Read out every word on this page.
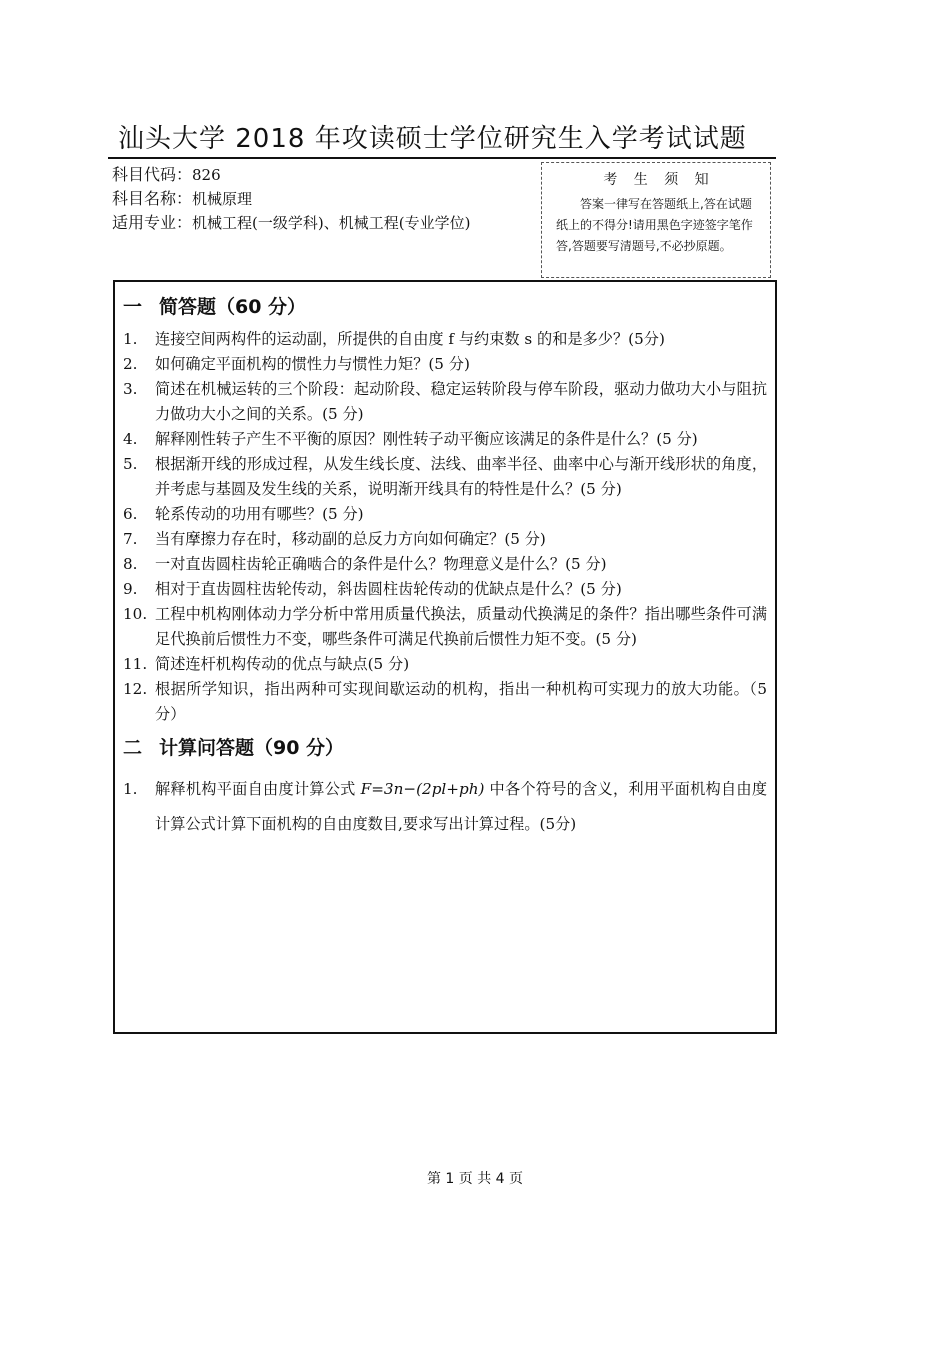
汕头大学 2018 年攻读硕士学位研究生入学考试试题
科目代码：826
科目名称：机械原理
适用专业：机械工程(一级学科)、机械工程(专业学位)
考 生 须 知

答案一律写在答题纸上,答在试题纸上的不得分!请用黑色字迹签字笔作答,答题要写清题号,不必抄原题。

一 简答题（60 分）
1. 连接空间两构件的运动副，所提供的自由度 f 与约束数 s 的和是多少？(5分)
2. 如何确定平面机构的惯性力与惯性力矩？(5 分)
3. 简述在机械运转的三个阶段：起动阶段、稳定运转阶段与停车阶段，驱动力做功大小与阻抗力做功大小之间的关系。(5 分)
4. 解释刚性转子产生不平衡的原因？刚性转子动平衡应该满足的条件是什么？(5 分)
5. 根据渐开线的形成过程，从发生线长度、法线、曲率半径、曲率中心与渐开线形状的角度，并考虑与基圆及发生线的关系，说明渐开线具有的特性是什么？(5 分)
6. 轮系传动的功用有哪些？(5 分)
7. 当有摩擦力存在时，移动副的总反力方向如何确定？(5 分)
8. 一对直齿圆柱齿轮正确啮合的条件是什么？物理意义是什么？(5 分)
9. 相对于直齿圆柱齿轮传动，斜齿圆柱齿轮传动的优缺点是什么？(5 分)
10. 工程中机构刚体动力学分析中常用质量代换法，质量动代换满足的条件？指出哪些条件可满足代换前后惯性力不变，哪些条件可满足代换前后惯性力矩不变。(5 分)
11. 简述连杆机构传动的优点与缺点(5 分)
12. 根据所学知识，指出两种可实现间歇运动的机构，指出一种机构可实现力的放大功能。（5 分）
二 计算问答题（90 分）
1. 解释机构平面自由度计算公式 F=3n−(2pl+ph) 中各个符号的含义，利用平面机构自由度计算公式计算下面机构的自由度数目,要求写出计算过程。(5分)
第 1 页 共 4 页
